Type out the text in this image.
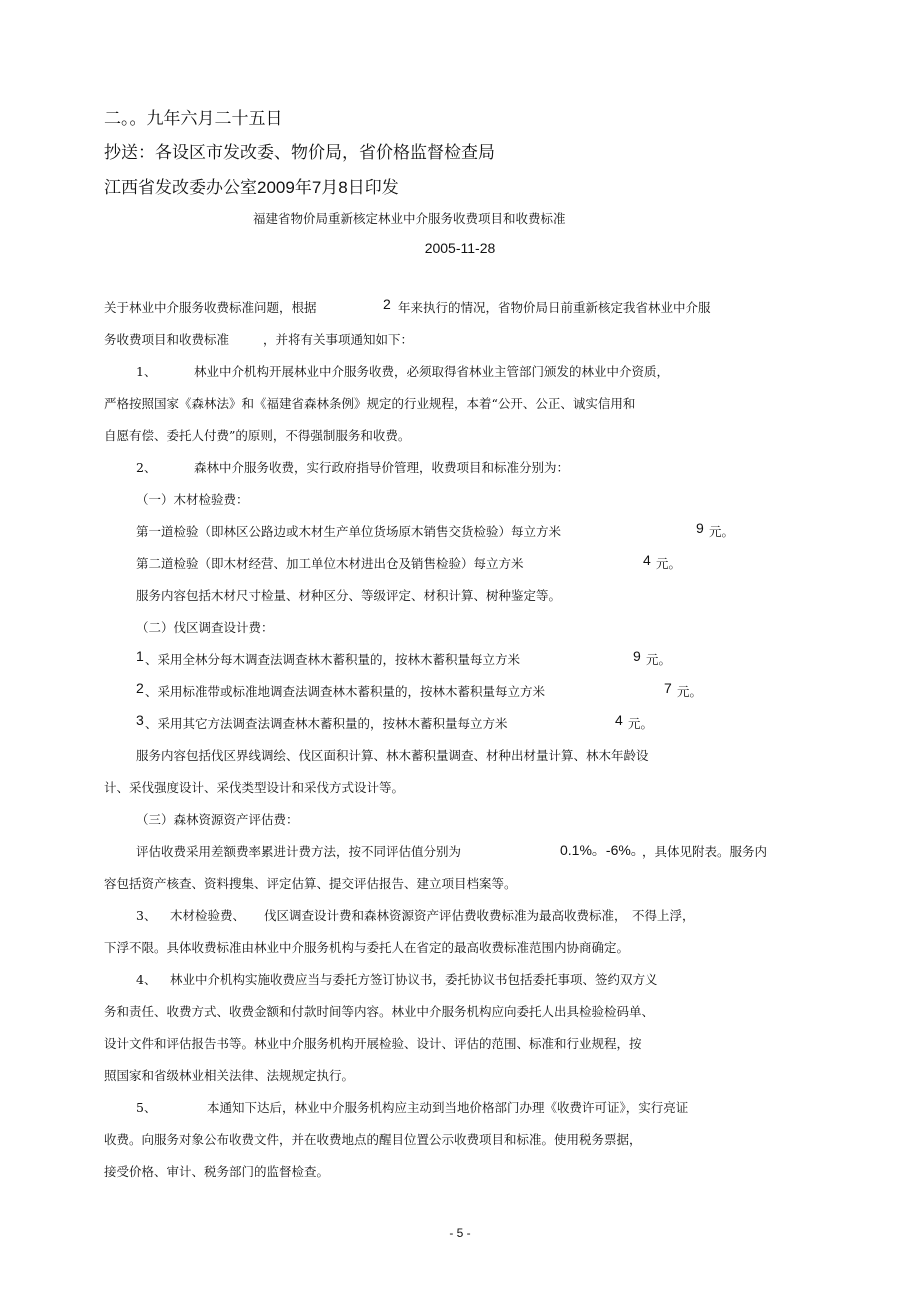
二。。九年六月二十五日
抄送：各设区市发改委、物价局，省价格监督检查局
江西省发改委办公室2009年7月8日印发
福建省物价局重新核定林业中介服务收费项目和收费标准
2005-11-28
关于林业中介服务收费标准问题，根据	2 年来执行的情况，省物价局日前重新核定我省林业中介服
务收费项目和收费标准	，并将有关事项通知如下：
1、	林业中介机构开展林业中介服务收费，必须取得省林业主管部门颁发的林业中介资质，
严格按照国家《森林法》和《福建省森林条例》规定的行业规程，本着“公开、公正、诚实信用和
自愿有偿、委托人付费”的原则，不得强制服务和收费。
2、	森林中介服务收费，实行政府指导价管理，收费项目和标准分别为：
（一）木材检验费：
第一道检验（即林区公路边或木材生产单位货场原木销售交货检验）每立方米	9 元。
第二道检验（即木材经营、加工单位木材进出仓及销售检验）每立方米	4 元。
服务内容包括木材尺寸检量、材种区分、等级评定、材积计算、树种鉴定等。
（二）伐区调查设计费：
1 、采用全林分每木调查法调查林木蓄积量的，按林木蓄积量每立方米	9 元。
2 、采用标准带或标准地调查法调查林木蓄积量的，按林木蓄积量每立方米	7 元。
3 、采用其它方法调查法调查林木蓄积量的，按林木蓄积量每立方米	4 元。
服务内容包括伐区界线调绘、伐区面积计算、林木蓄积量调查、材种出材量计算、林木年龄设
计、采伐强度设计、采伐类型设计和采伐方式设计等。
（三）森林资源资产评估费：
评估收费采用差额费率累进计费方法，按不同评估值分别为	0.1%。-6%。
，具体见附表。服务内
容包括资产核查、资料搜集、评定估算、提交评估报告、建立项目档案等。
3、 木材检验费、 伐区调查设计费和森林资源资产评估费收费标准为最高收费标准， 不得上浮，
下浮不限。具体收费标准由林业中介服务机构与委托人在省定的最高收费标准范围内协商确定。
4、 林业中介机构实施收费应当与委托方签订协议书，委托协议书包括委托事项、签约双方义
务和责任、收费方式、收费金额和付款时间等内容。林业中介服务机构应向委托人出具检验检码单、
设计文件和评估报告书等。林业中介服务机构开展检验、设计、评估的范围、标准和行业规程，按
照国家和省级林业相关法律、法规规定执行。
5、	本通知下达后，林业中介服务机构应主动到当地价格部门办理《收费许可证》，实行亮证
收费。向服务对象公布收费文件，并在收费地点的醒目位置公示收费项目和标准。使用税务票据，
接受价格、审计、税务部门的监督检查。
- 5 -
